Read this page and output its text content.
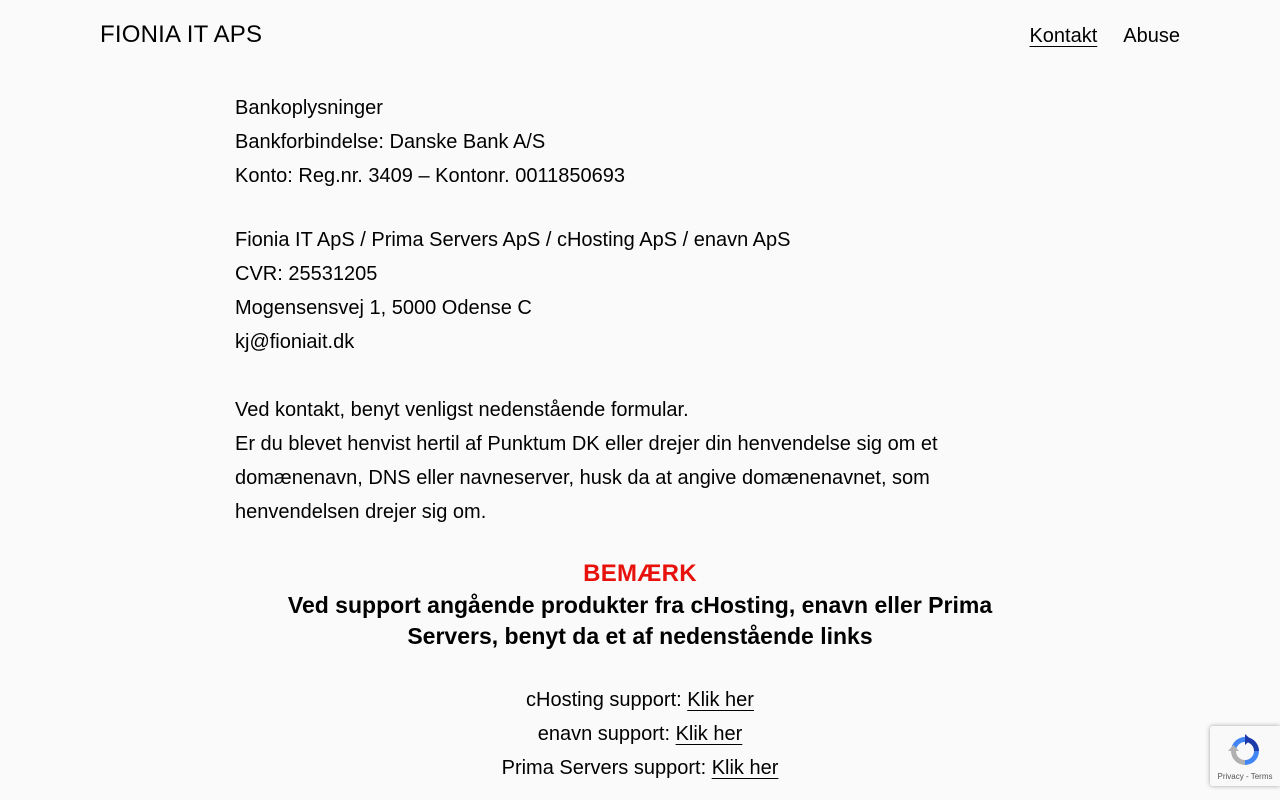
FIONIA IT APS	Kontakt Abuse

Bankoplysninger

Bankforbindelse: Danske Bank A/S

Konto: Reg.nr. 3409 – Kontonr. 0011850693

Fionia IT ApS / Prima Servers ApS / cHosting ApS / enavn ApS

CVR: 25531205

Mogensensvej 1, 5000 Odense C

kj@fioniait.dk

Ved kontakt, benyt venligst nedenstående formular.

Er du blevet henvist hertil af Punktum DK eller drejer din henvendelse sig om et domænenavn, DNS eller navneserver, husk da at angive domænenavnet, som henvendelsen drejer sig om.

BEMÆRK
Ved support angående produkter fra cHosting, enavn eller Prima Servers, benyt da et af nedenstående links

cHosting support: Klik her

enavn support: Klik her

Prima Servers support: Klik her	Privacy - Terms
